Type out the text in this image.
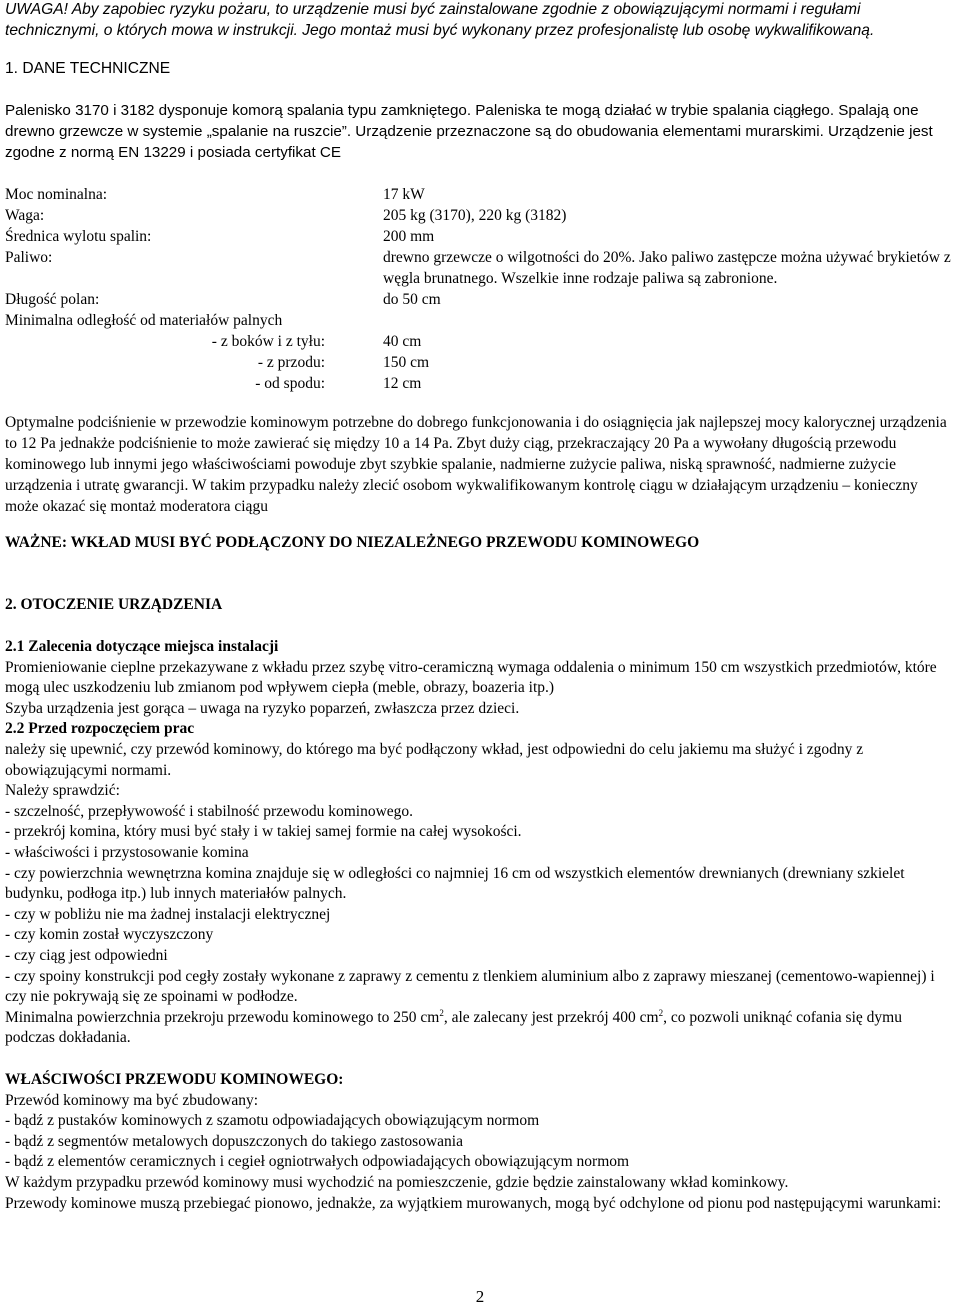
UWAGA! Aby zapobiec ryzyku pożaru, to urządzenie musi być zainstalowane zgodnie z obowiązującymi normami i regułami technicznymi, o których mowa w instrukcji. Jego montaż musi być wykonany przez profesjonalistę lub osobę wykwalifikowaną.

1. DANE TECHNICZNE

Palenisko 3170 i 3182 dysponuje komorą spalania typu zamkniętego. Paleniska te mogą działać w trybie spalania ciągłego. Spalają one drewno grzewcze w systemie „spalanie na ruszcie”. Urządzenie przeznaczone są do obudowania elementami murarskimi. Urządzenie jest zgodne z normą EN 13229 i posiada certyfikat CE

Moc nominalna:	17 kW
Waga:	205 kg (3170), 220 kg (3182)
Średnica wylotu spalin:	200 mm
Paliwo:	drewno grzewcze o wilgotności do 20%. Jako paliwo zastępcze można używać brykietów z węgla brunatnego. Wszelkie inne rodzaje paliwa są zabronione.
Długość polan:	do 50 cm
Minimalna odległość od materiałów palnych
- z boków i z tyłu:	40 cm
- z przodu:	150 cm
- od spodu:	12 cm

Optymalne podciśnienie w przewodzie kominowym potrzebne do dobrego funkcjonowania i do osiągnięcia jak najlepszej mocy kalorycznej urządzenia to 12 Pa jednakże podciśnienie to może zawierać się między 10 a 14 Pa. Zbyt duży ciąg, przekraczający 20 Pa a wywołany długością przewodu kominowego lub innymi jego właściwościami powoduje zbyt szybkie spalanie, nadmierne zużycie paliwa, niską sprawność, nadmierne zużycie urządzenia i utratę gwarancji. W takim przypadku należy zlecić osobom wykwalifikowanym kontrolę ciągu w działającym urządzeniu – konieczny może okazać się montaż moderatora ciągu

WAŻNE: WKŁAD MUSI BYĆ PODŁĄCZONY DO NIEZALEŻNEGO PRZEWODU KOMINOWEGO

2. OTOCZENIE URZĄDZENIA

2.1 Zalecenia dotyczące miejsca instalacji

Promieniowanie cieplne przekazywane z wkładu przez szybę vitro-ceramiczną wymaga oddalenia o minimum 150 cm wszystkich przedmiotów, które mogą ulec uszkodzeniu lub zmianom pod wpływem ciepła (meble, obrazy, boazeria itp.)

Szyba urządzenia jest gorąca – uwaga na ryzyko poparzeń, zwłaszcza przez dzieci.

2.2 Przed rozpoczęciem prac

należy się upewnić, czy przewód kominowy, do którego ma być podłączony wkład, jest odpowiedni do celu jakiemu ma służyć i zgodny z obowiązującymi normami.

Należy sprawdzić:

- szczelność, przepływowość i stabilność przewodu kominowego.

- przekrój komina, który musi być stały i w takiej samej formie na całej wysokości.

- właściwości i przystosowanie komina

- czy powierzchnia wewnętrzna komina znajduje się w odległości co najmniej 16 cm od wszystkich elementów drewnianych (drewniany szkielet budynku, podłoga itp.) lub innych materiałów palnych.

- czy w pobliżu nie ma żadnej instalacji elektrycznej

- czy komin został wyczyszczony

- czy ciąg jest odpowiedni

- czy spoiny konstrukcji pod cegły zostały wykonane z zaprawy z cementu z tlenkiem aluminium albo z zaprawy mieszanej (cementowo-wapiennej) i czy nie pokrywają się ze spoinami w podłodze.

Minimalna powierzchnia przekroju przewodu kominowego to 250 $cm^2$, ale zalecany jest przekrój 400 $cm^2$, co pozwoli uniknąć cofania się dymu podczas dokładania.

WŁAŚCIWOŚCI PRZEWODU KOMINOWEGO:

Przewód kominowy ma być zbudowany:

- bądź z pustaków kominowych z szamotu odpowiadających obowiązującym normom

- bądź z segmentów metalowych dopuszczonych do takiego zastosowania

- bądź z elementów ceramicznych i cegieł ogniotrwałych odpowiadających obowiązującym normom

W każdym przypadku przewód kominowy musi wychodzić na pomieszczenie, gdzie będzie zainstalowany wkład kominkowy.

Przewody kominowe muszą przebiegać pionowo, jednakże, za wyjątkiem murowanych, mogą być odchylone od pionu pod następującymi warunkami:

2
